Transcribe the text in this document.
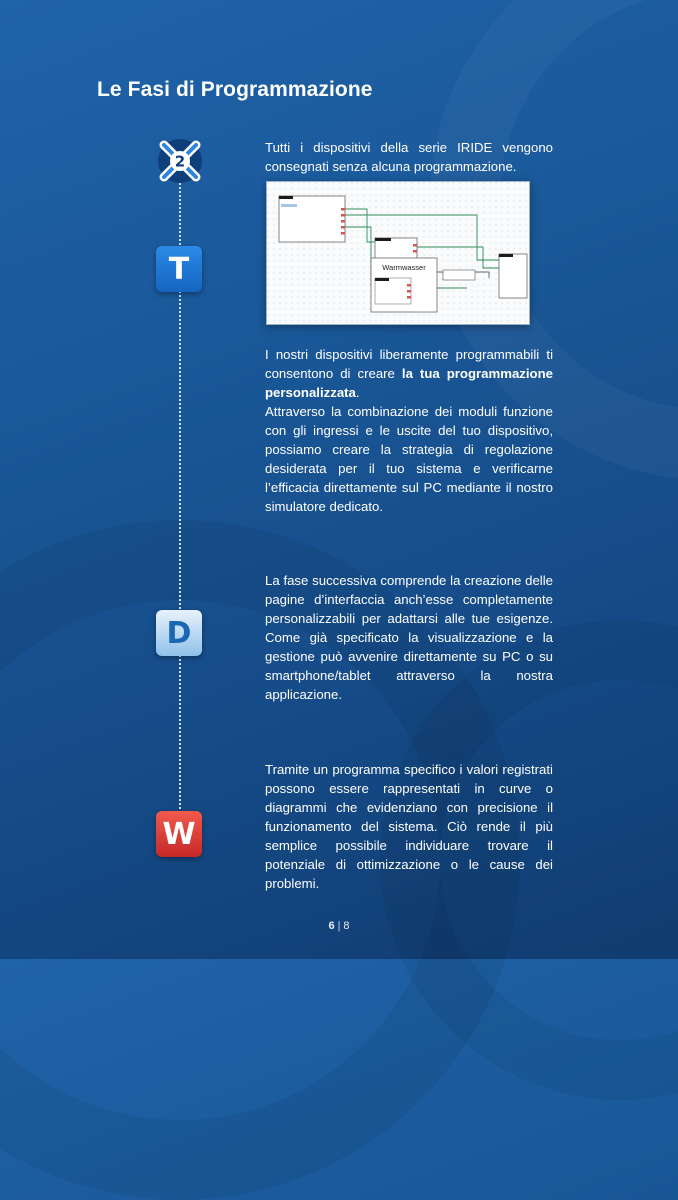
Le Fasi di Programmazione
2
T
D
W

Tutti i dispositivi della serie IRIDE vengono consegnati senza alcuna programmazione.

Warmwasser

I nostri dispositivi liberamente programmabili ti consentono di creare la tua programmazione personalizzata.
Attraverso la combinazione dei moduli funzione con gli ingressi e le uscite del tuo dispositivo, possiamo creare la strategia di regolazione desiderata per il tuo sistema e verificarne l’efficacia direttamente sul PC mediante il nostro simulatore dedicato.

La fase successiva comprende la creazione delle pagine d’interfaccia anch’esse completamente personalizzabili per adattarsi alle tue esigenze. Come già specificato la visualizzazione e la gestione può avvenire direttamente su PC o su smartphone/tablet attraverso la nostra applicazione.

Tramite un programma specifico i valori registrati possono essere rappresentati in curve o diagrammi che evidenziano con precisione il funzionamento del sistema. Ciò rende il più semplice possibile individuare trovare il potenziale di ottimizzazione o le cause dei problemi.

6 | 8
